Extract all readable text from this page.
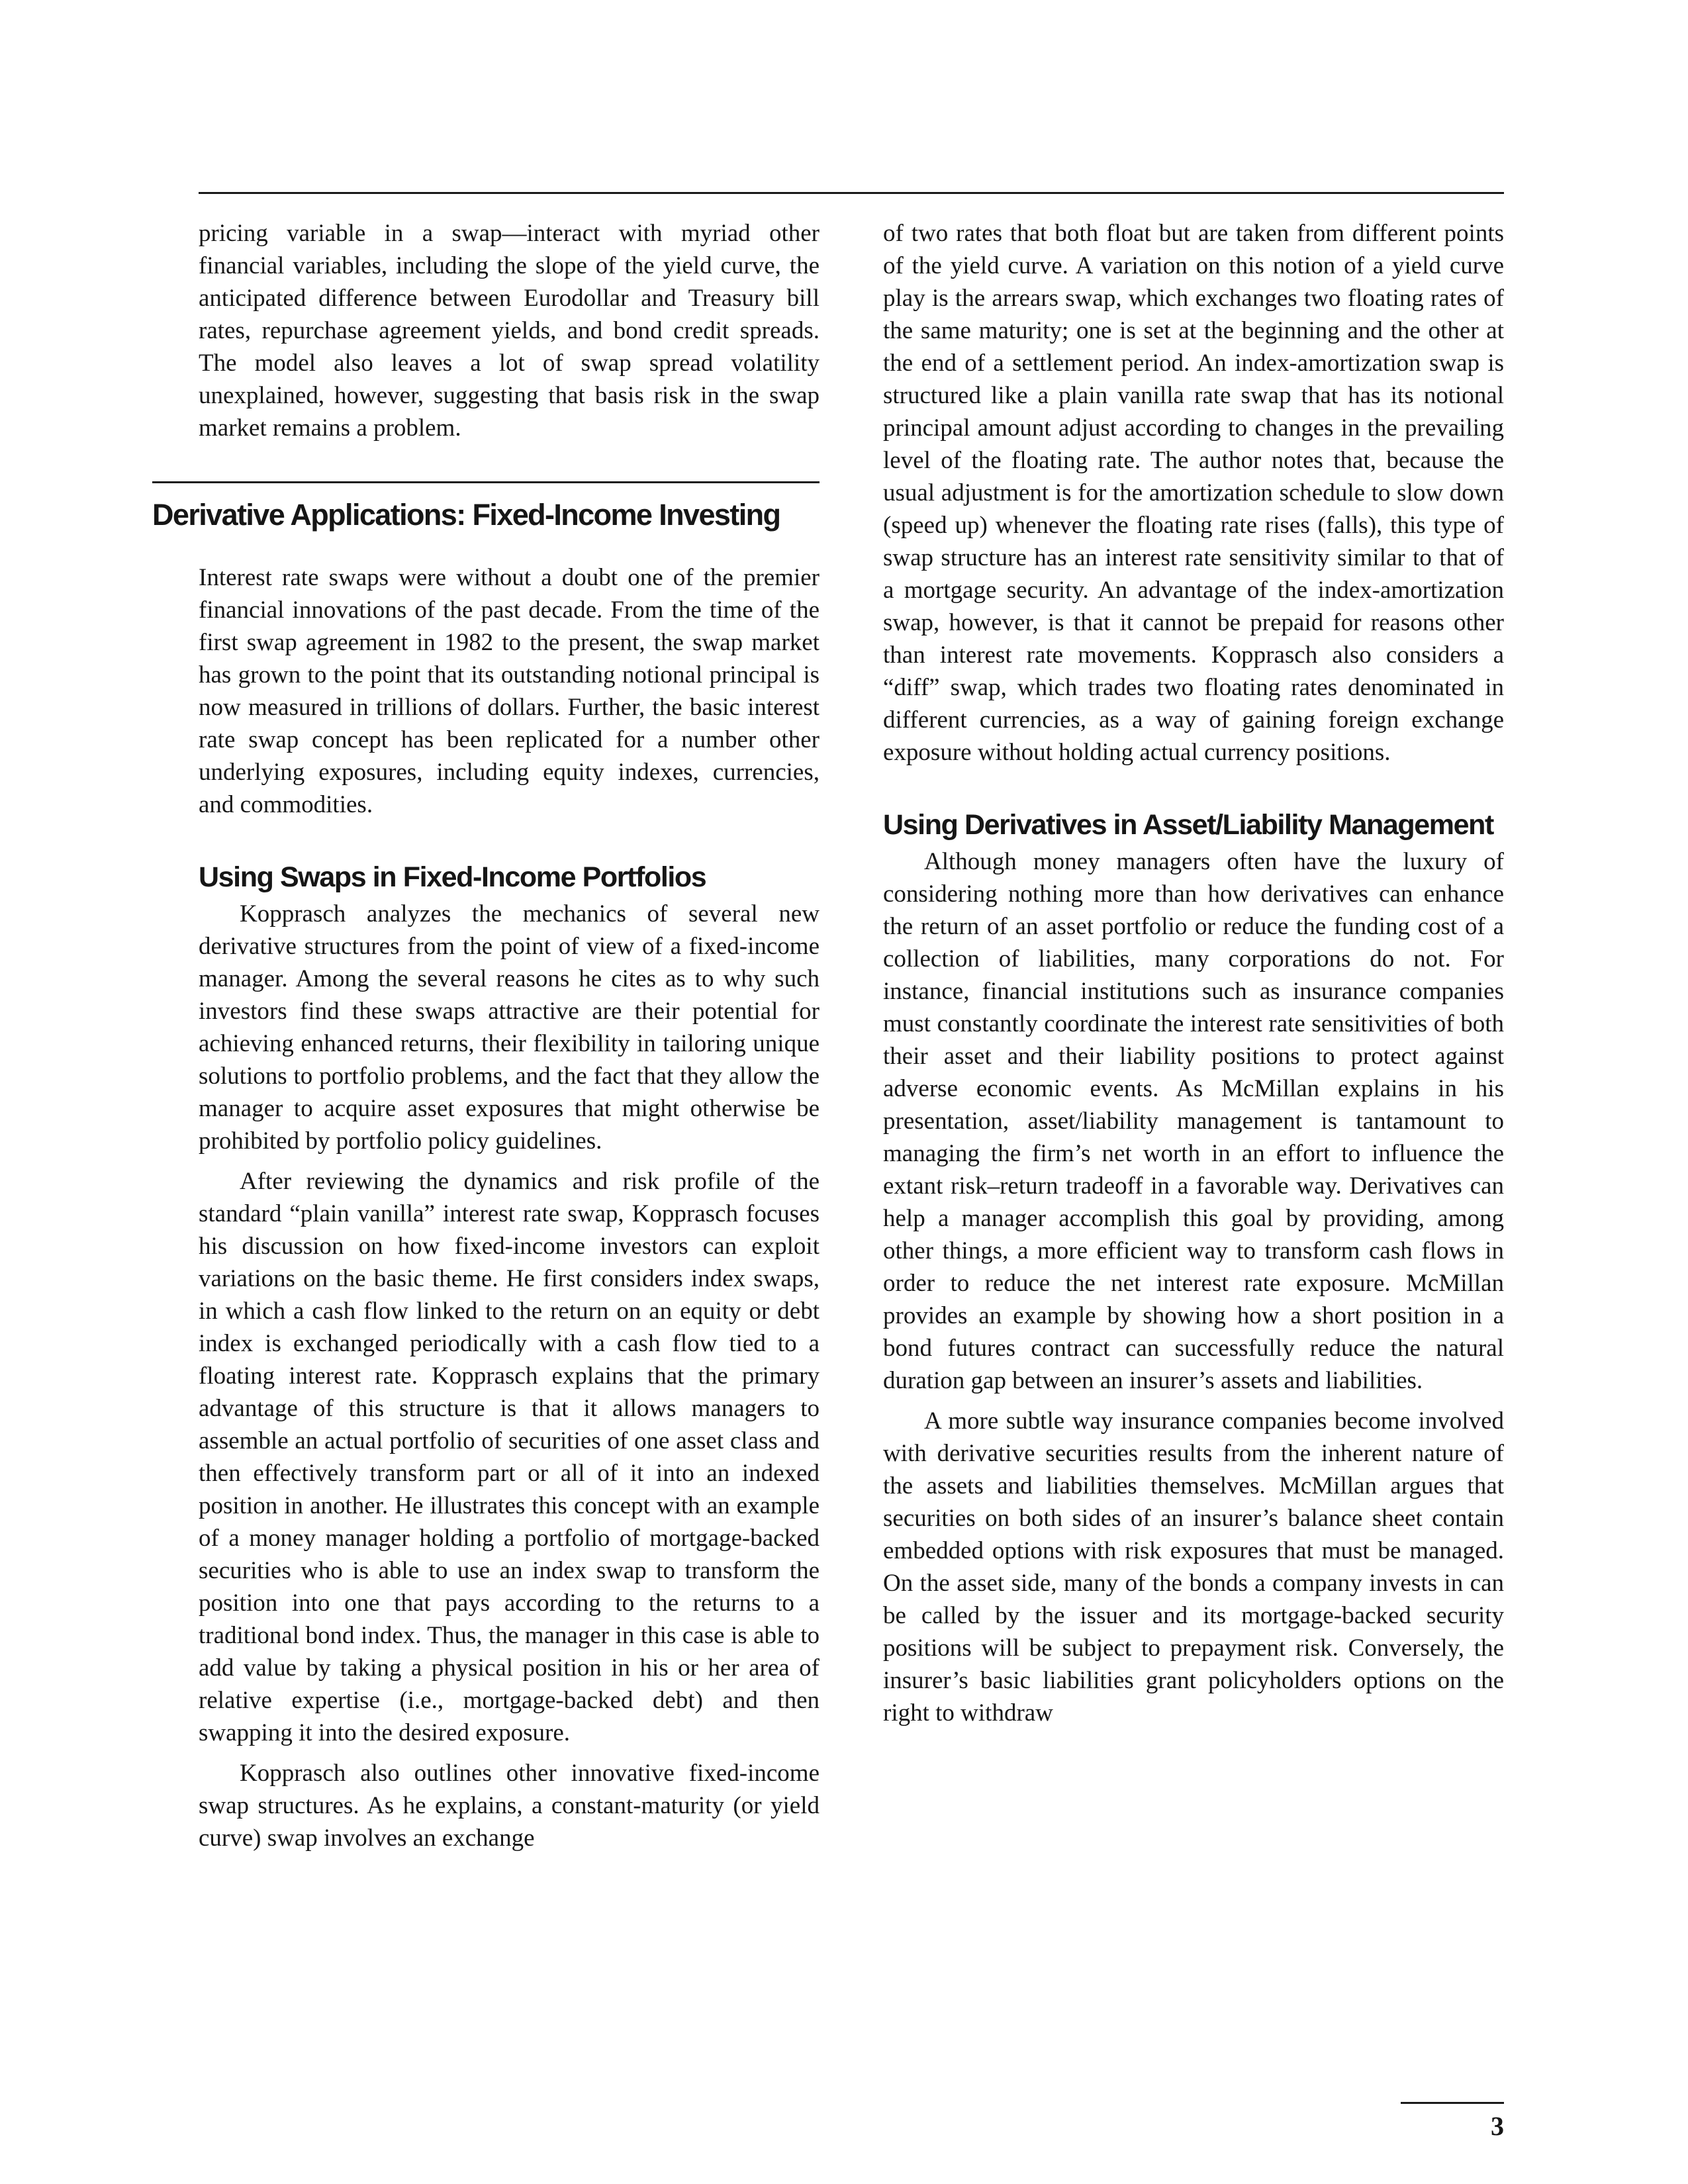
pricing variable in a swap—interact with myriad other financial variables, including the slope of the yield curve, the anticipated difference between Eurodollar and Treasury bill rates, repurchase agreement yields, and bond credit spreads. The model also leaves a lot of swap spread volatility unexplained, however, suggesting that basis risk in the swap market remains a problem.

Derivative Applications: Fixed-Income Investing

Interest rate swaps were without a doubt one of the premier financial innovations of the past decade. From the time of the first swap agreement in 1982 to the present, the swap market has grown to the point that its outstanding notional principal is now measured in trillions of dollars. Further, the basic interest rate swap concept has been replicated for a number other underlying exposures, including equity indexes, currencies, and commodities.

Using Swaps in Fixed-Income Portfolios

Kopprasch analyzes the mechanics of several new derivative structures from the point of view of a fixed-income manager. Among the several reasons he cites as to why such investors find these swaps attractive are their potential for achieving enhanced returns, their flexibility in tailoring unique solutions to portfolio problems, and the fact that they allow the manager to acquire asset exposures that might otherwise be prohibited by portfolio policy guidelines.

After reviewing the dynamics and risk profile of the standard “plain vanilla” interest rate swap, Kopprasch focuses his discussion on how fixed-income investors can exploit variations on the basic theme. He first considers index swaps, in which a cash flow linked to the return on an equity or debt index is exchanged periodically with a cash flow tied to a floating interest rate. Kopprasch explains that the primary advantage of this structure is that it allows managers to assemble an actual portfolio of securities of one asset class and then effectively transform part or all of it into an indexed position in another. He illustrates this concept with an example of a money manager holding a portfolio of mortgage-backed securities who is able to use an index swap to transform the position into one that pays according to the returns to a traditional bond index. Thus, the manager in this case is able to add value by taking a physical position in his or her area of relative expertise (i.e., mortgage-backed debt) and then swapping it into the desired exposure.

Kopprasch also outlines other innovative fixed-income swap structures. As he explains, a constant-maturity (or yield curve) swap involves an exchange

of two rates that both float but are taken from different points of the yield curve. A variation on this notion of a yield curve play is the arrears swap, which exchanges two floating rates of the same maturity; one is set at the beginning and the other at the end of a settlement period. An index-amortization swap is structured like a plain vanilla rate swap that has its notional principal amount adjust according to changes in the prevailing level of the floating rate. The author notes that, because the usual adjustment is for the amortization schedule to slow down (speed up) whenever the floating rate rises (falls), this type of swap structure has an interest rate sensitivity similar to that of a mortgage security. An advantage of the index-amortization swap, however, is that it cannot be prepaid for reasons other than interest rate movements. Kopprasch also considers a “diff” swap, which trades two floating rates denominated in different currencies, as a way of gaining foreign exchange exposure without holding actual currency positions.

Using Derivatives in Asset/Liability Management

Although money managers often have the luxury of considering nothing more than how derivatives can enhance the return of an asset portfolio or reduce the funding cost of a collection of liabilities, many corporations do not. For instance, financial institutions such as insurance companies must constantly coordinate the interest rate sensitivities of both their asset and their liability positions to protect against adverse economic events. As McMillan explains in his presentation, asset/liability management is tantamount to managing the firm’s net worth in an effort to influence the extant risk–return tradeoff in a favorable way. Derivatives can help a manager accomplish this goal by providing, among other things, a more efficient way to transform cash flows in order to reduce the net interest rate exposure. McMillan provides an example by showing how a short position in a bond futures contract can successfully reduce the natural duration gap between an insurer’s assets and liabilities.

A more subtle way insurance companies become involved with derivative securities results from the inherent nature of the assets and liabilities themselves. McMillan argues that securities on both sides of an insurer’s balance sheet contain embedded options with risk exposures that must be managed. On the asset side, many of the bonds a company invests in can be called by the issuer and its mortgage-backed security positions will be subject to prepayment risk. Conversely, the insurer’s basic liabilities grant policyholders options on the right to withdraw

3
